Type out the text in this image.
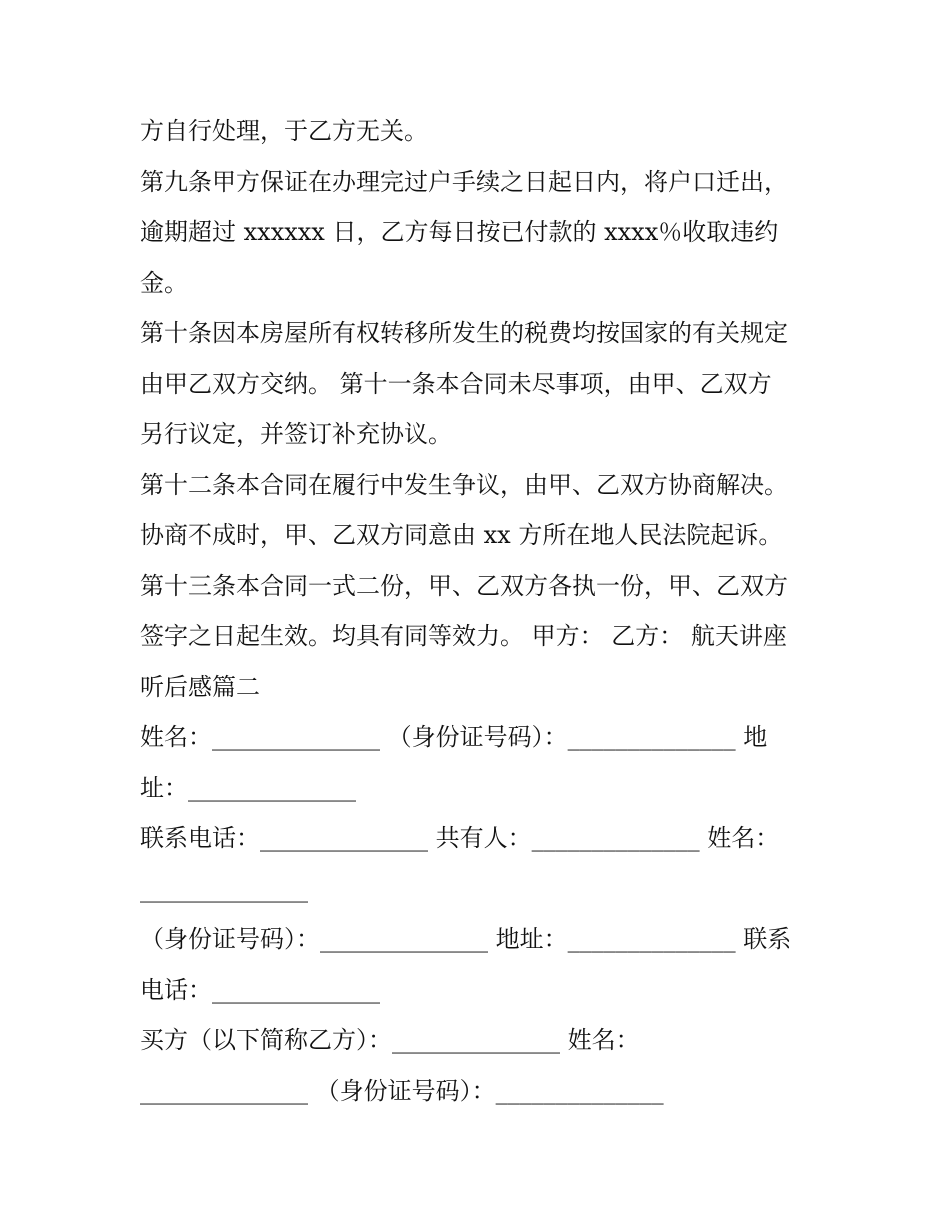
方自行处理，于乙方无关。
第九条甲方保证在办理完过户手续之日起日内，将户口迁出，
逾期超过 xxxxxx 日，乙方每日按已付款的 xxxx％收取违约
金。
第十条因本房屋所有权转移所发生的税费均按国家的有关规定
由甲乙双方交纳。 第十一条本合同未尽事项，由甲、乙双方
另行议定，并签订补充协议。
第十二条本合同在履行中发生争议，由甲、乙双方协商解决。
协商不成时，甲、乙双方同意由 xx 方所在地人民法院起诉。
第十三条本合同一式二份，甲、乙双方各执一份，甲、乙双方
签字之日起生效。均具有同等效力。 甲方： 乙方： 航天讲座
听后感篇二
姓名：______________ （身份证号码）：______________ 地
址：______________
联系电话：______________ 共有人：______________ 姓名：
______________
（身份证号码）：______________ 地址：______________ 联系
电话：______________
买方（以下简称乙方）：______________ 姓名：
______________ （身份证号码）：______________
